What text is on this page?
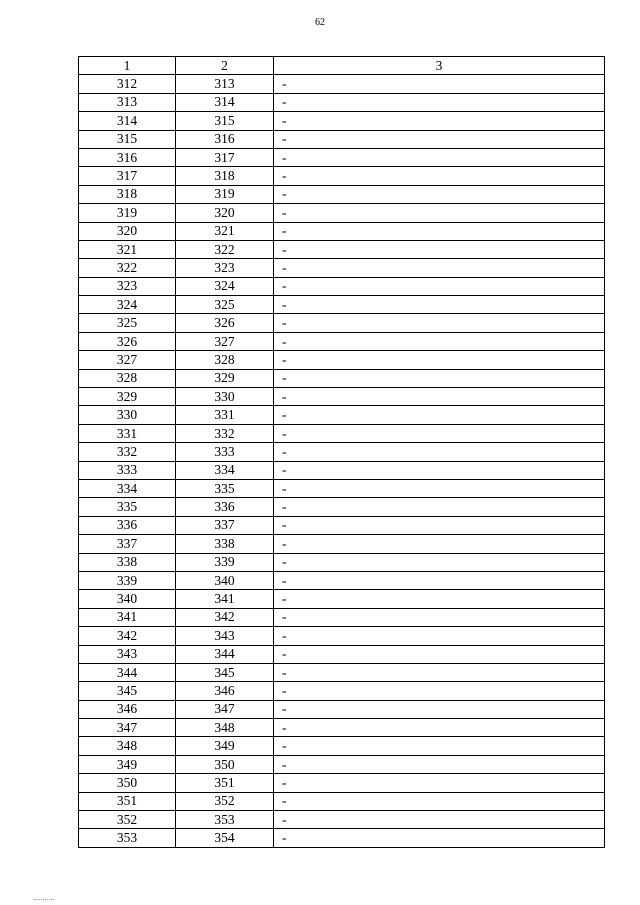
62
1	2	3
312	313	-
313	314	-
314	315	-
315	316	-
316	317	-
317	318	-
318	319	-
319	320	-
320	321	-
321	322	-
322	323	-
323	324	-
324	325	-
325	326	-
326	327	-
327	328	-
328	329	-
329	330	-
330	331	-
331	332	-
332	333	-
333	334	-
334	335	-
335	336	-
336	337	-
337	338	-
338	339	-
339	340	-
340	341	-
341	342	-
342	343	-
343	344	-
344	345	-
345	346	-
346	347	-
347	348	-
348	349	-
349	350	-
350	351	-
351	352	-
352	353	-
353	354	-
